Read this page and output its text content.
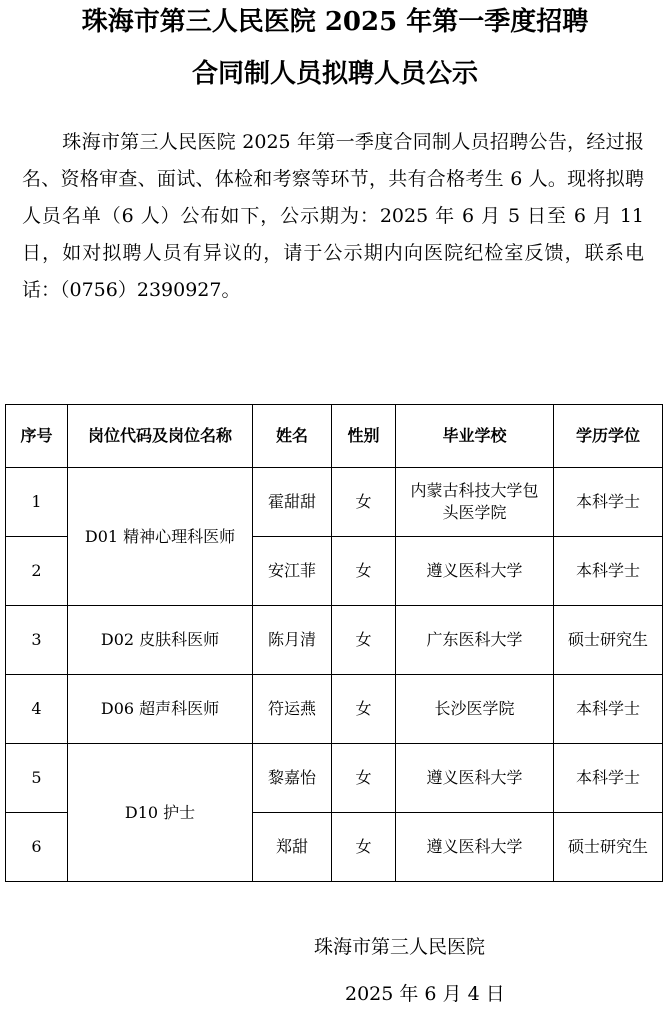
珠海市第三人民医院 2025 年第一季度招聘
合同制人员拟聘人员公示

珠海市第三人民医院 2025 年第一季度合同制人员招聘公告，经过报名、资格审查、面试、体检和考察等环节，共有合格考生 6 人。现将拟聘人员名单（6 人）公布如下，公示期为：2025 年 6 月 5 日至 6 月 11 日，如对拟聘人员有异议的，请于公示期内向医院纪检室反馈，联系电话：（0756）2390927。

序号	岗位代码及岗位名称	姓名	性别	毕业学校	学历学位
1	D01 精神心理科医师	霍甜甜	女	内蒙古科技大学包头医学院	本科学士
2		安江菲	女	遵义医科大学	本科学士
3	D02 皮肤科医师	陈月清	女	广东医科大学	硕士研究生
4	D06 超声科医师	符运燕	女	长沙医学院	本科学士
5	D10 护士	黎嘉怡	女	遵义医科大学	本科学士
6		郑甜	女	遵义医科大学	硕士研究生
珠海市第三人民医院
2025 年 6 月 4 日
